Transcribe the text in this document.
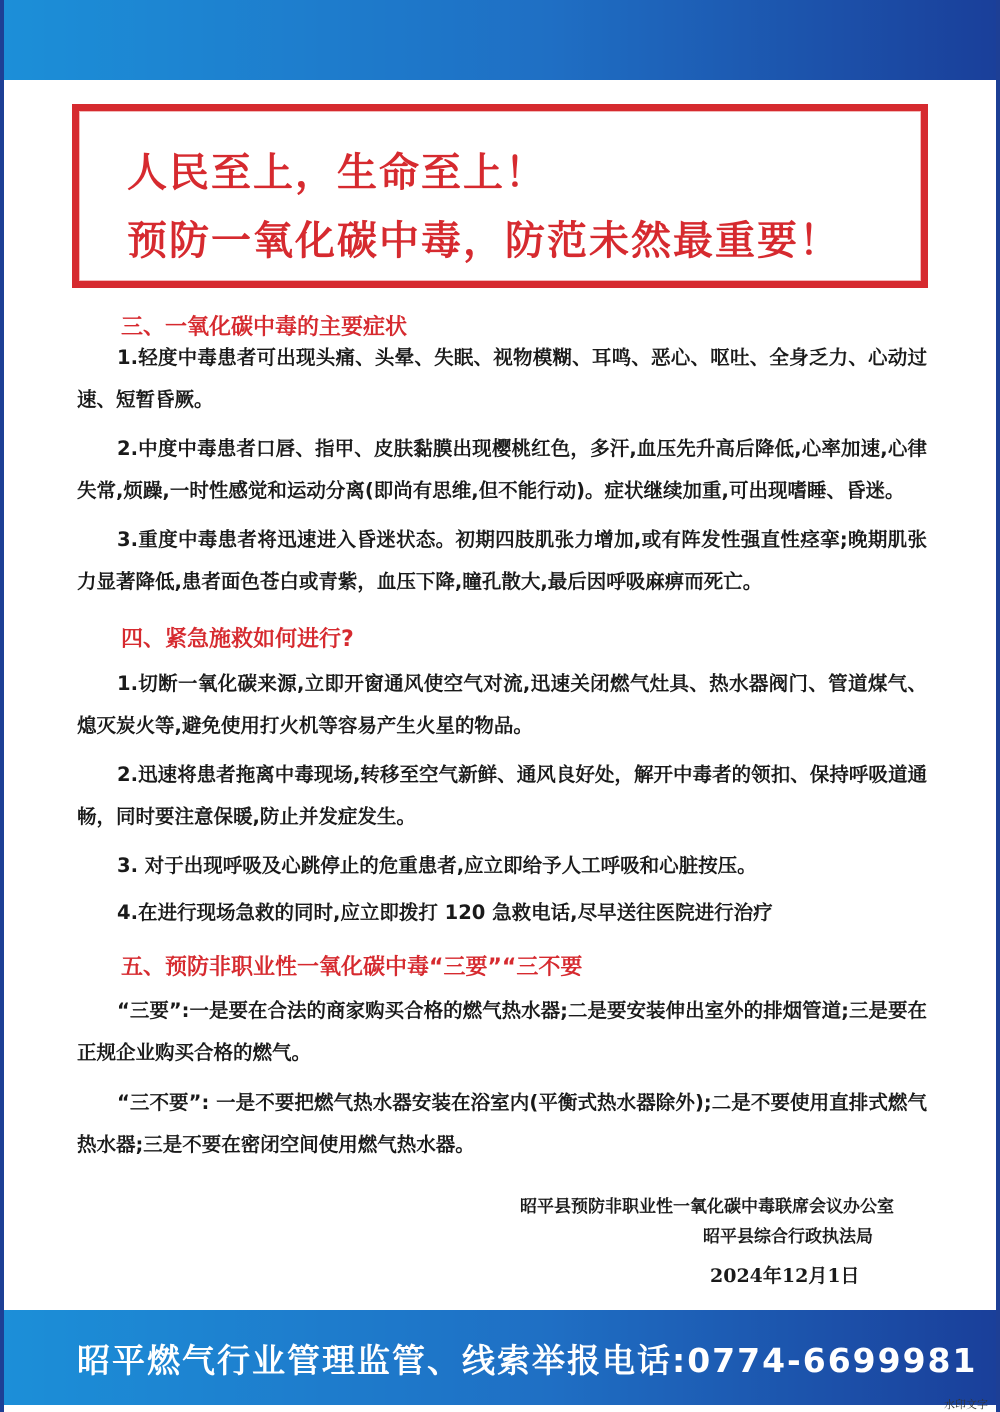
人民至上，生命至上！
预防一氧化碳中毒，防范未然最重要！
三、一氧化碳中毒的主要症状
1.轻度中毒患者可出现头痛、头晕、失眠、视物模糊、耳鸣、恶心、呕吐、全身乏力、心动过速、短暂昏厥。
2.中度中毒患者口唇、指甲、皮肤黏膜出现樱桃红色，多汗,血压先升高后降低,心率加速,心律失常,烦躁,一时性感觉和运动分离(即尚有思维,但不能行动)。症状继续加重,可出现嗜睡、昏迷。
3.重度中毒患者将迅速进入昏迷状态。初期四肢肌张力增加,或有阵发性强直性痉挛;晚期肌张力显著降低,患者面色苍白或青紫，血压下降,瞳孔散大,最后因呼吸麻痹而死亡。
四、紧急施救如何进行?
1.切断一氧化碳来源,立即开窗通风使空气对流,迅速关闭燃气灶具、热水器阀门、管道煤气、熄灭炭火等,避免使用打火机等容易产生火星的物品。
2.迅速将患者拖离中毒现场,转移至空气新鲜、通风良好处，解开中毒者的领扣、保持呼吸道通畅，同时要注意保暖,防止并发症发生。
3. 对于出现呼吸及心跳停止的危重患者,应立即给予人工呼吸和心脏按压。
4.在进行现场急救的同时,应立即拨打 120 急救电话,尽早送往医院进行治疗
五、预防非职业性一氧化碳中毒“三要”“三不要
“三要”:一是要在合法的商家购买合格的燃气热水器;二是要安装伸出室外的排烟管道;三是要在正规企业购买合格的燃气。
“三不要”: 一是不要把燃气热水器安装在浴室内(平衡式热水器除外);二是不要使用直排式燃气热水器;三是不要在密闭空间使用燃气热水器。
昭平县预防非职业性一氧化碳中毒联席会议办公室
昭平县综合行政执法局
2024年12月1日
昭平燃气行业管理监管、线索举报电话:0774-6699981
水印文字
